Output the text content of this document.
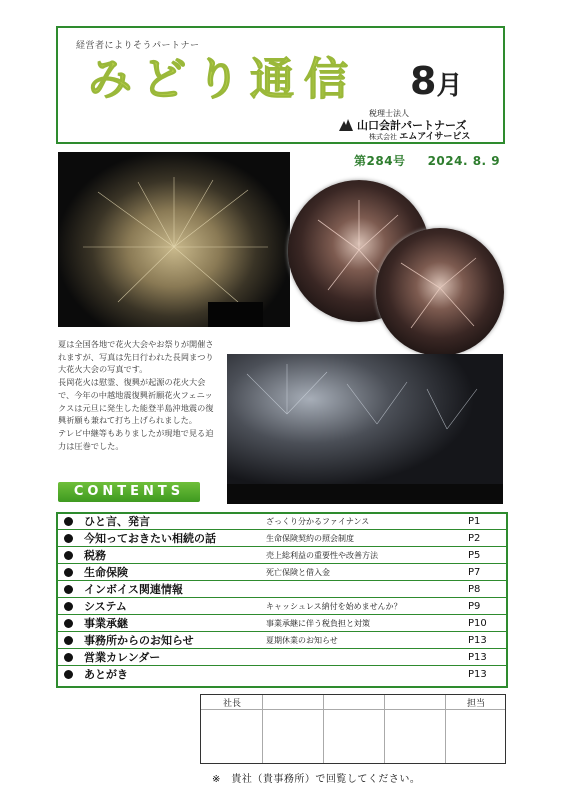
経営者によりそうパートナー
みどり通信 8月
税理士法人
山口会計パートナーズ
株式会社 エムアイサービス
第284号 2024. 8. 9

夏は全国各地で花火大会やお祭りが開催されますが、写真は先日行われた長岡まつり大花火大会の写真です。

長岡花火は慰霊、復興が起源の花火大会で、今年の中越地震復興祈願花火フェニックスは元旦に発生した能登半島沖地震の復興祈願も兼ねて打ち上げられました。

テレビ中継等もありましたが現地で見る迫力は圧巻でした。

CONTENTS
ひと言、発言	ざっくり分かるファイナンス	P1
今知っておきたい相続の話	生命保険契約の照会制度	P2
税務	売上総利益の重要性や改善方法	P5
生命保険	死亡保険と借入金	P7
インボイス関連情報	P8
システム	キャッシュレス納付を始めませんか？	P9
事業承継	事業承継に伴う税負担と対策	P10
事務所からのお知らせ	夏期休業のお知らせ	P13
営業カレンダー	P13
あとがき	P13
社長	担当
※　貴社（貴事務所）で回覧してください。
